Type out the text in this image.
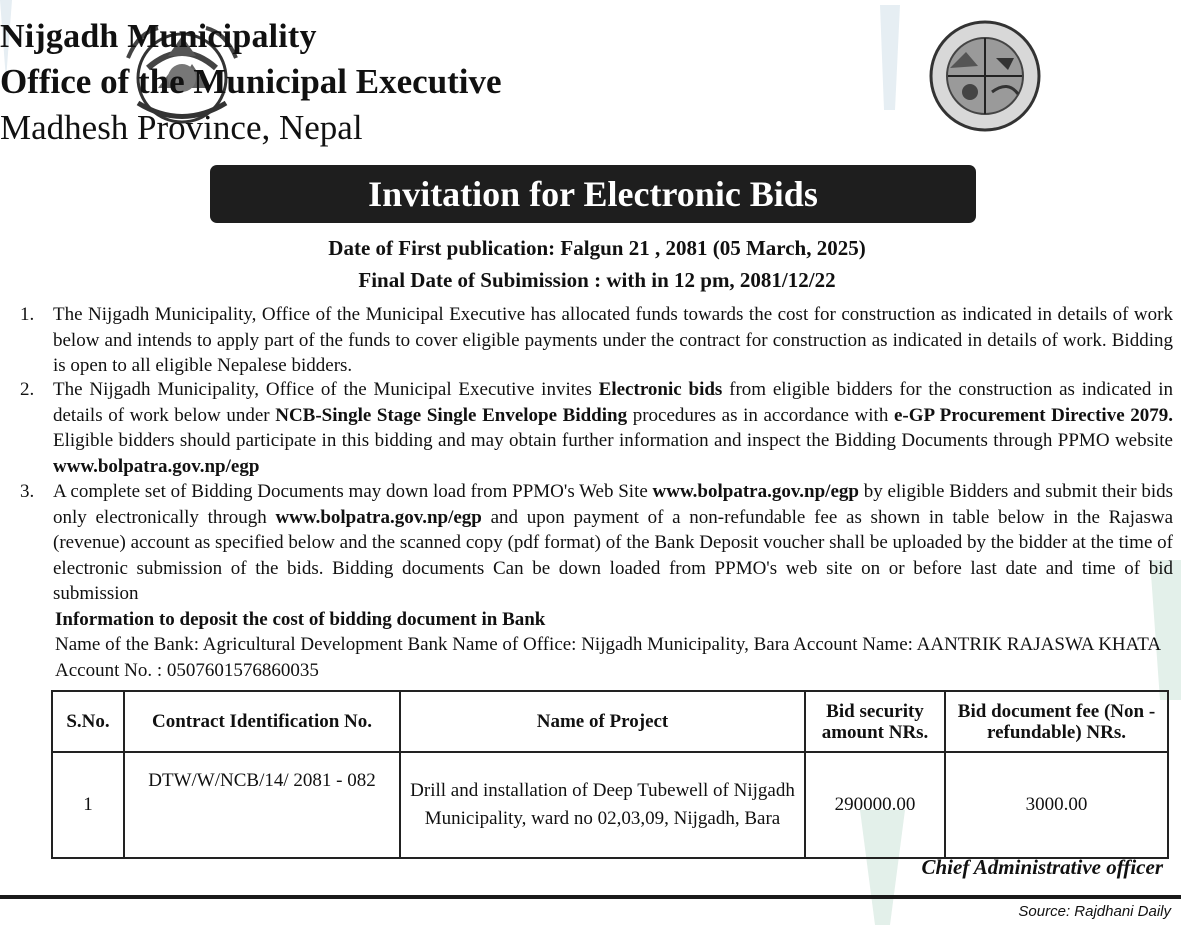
Nijgadh Municipality
Office of the Municipal Executive
Madhesh Province, Nepal
Invitation for Electronic Bids
Date of First publication: Falgun 21 , 2081 (05 March, 2025)
Final Date of Subimission : with in 12 pm, 2081/12/22
1. The Nijgadh Municipality, Office of the Municipal Executive has allocated funds towards the cost for construction as indicated in details of work below and intends to apply part of the funds to cover eligible payments under the contract for construction as indicated in details of work. Bidding is open to all eligible Nepalese bidders.
2. The Nijgadh Municipality, Office of the Municipal Executive invites Electronic bids from eligible bidders for the construction as indicated in details of work below under NCB-Single Stage Single Envelope Bidding procedures as in accordance with e-GP Procurement Directive 2079. Eligible bidders should participate in this bidding and may obtain further information and inspect the Bidding Documents through PPMO website www.bolpatra.gov.np/egp
3. A complete set of Bidding Documents may down load from PPMO's Web Site www.bolpatra.gov.np/egp by eligible Bidders and submit their bids only electronically through www.bolpatra.gov.np/egp and upon payment of a non-refundable fee as shown in table below in the Rajaswa (revenue) account as specified below and the scanned copy (pdf format) of the Bank Deposit voucher shall be uploaded by the bidder at the time of electronic submission of the bids. Bidding documents Can be down loaded from PPMO's web site on or before last date and time of bid submission
Information to deposit the cost of bidding document in Bank
Name of the Bank: Agricultural Development Bank Name of Office: Nijgadh Municipality, Bara Account Name: AANTRIK RAJASWA KHATA Account No. : 0507601576860035
S.No.	Contract Identification No.	Name of Project	Bid security amount NRs.	Bid document fee (Non - refundable) NRs.
1	DTW/W/NCB/14/ 2081 - 082	Drill and installation of Deep Tubewell of Nijgadh Municipality, ward no 02,03,09, Nijgadh, Bara	290000.00	3000.00
Chief Administrative officer
Source: Rajdhani Daily
